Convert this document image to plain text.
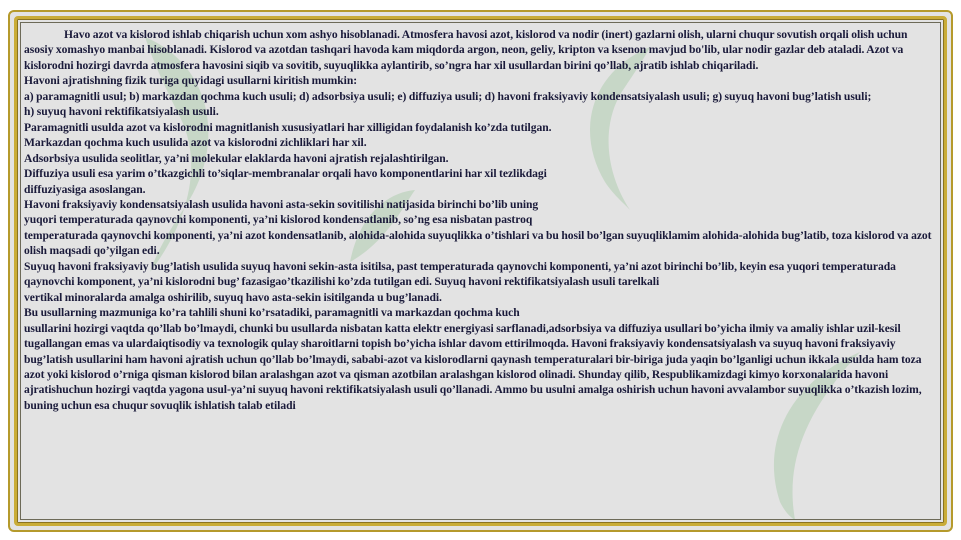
Havo azot va kislorod ishlab chiqarish uchun xom ashyo hisoblanadi. Atmosfera havosi azot, kislorod va nodir (inert) gazlarni olish, ularni chuqur sovutish orqali olish uchun asosiy xomashyo manbai hisoblanadi. Kislorod va azotdan tashqari havoda kam miqdorda argon, neon, geliy, kripton va ksenon mavjud bo'lib, ular nodir gazlar deb ataladi. Azot va kislorodni hozirgi davrda atmosfera havosini siqib va sovitib, suyuqlikka aylantirib, so’ngra har xil usullardan birini qo’llab, ajratib ishlab chiqariladi.

Havoni ajratishning fizik turiga quyidagi usullarni kiritish mumkin:

a) paramagnitli usul; b) markazdan qochma kuch usuli; d) adsorbsiya usuli; e) diffuziya usuli; d) havoni fraksiyaviy kondensatsiyalash usuli; g) suyuq havoni bug’latish usuli;

h) suyuq havoni rektifikatsiyalash usuli.

Paramagnitli usulda azot va kislorodni magnitlanish xususiyatlari har xilligidan foydalanish ko’zda tutilgan.

Markazdan qochma kuch usulida azot va kislorodni zichliklari har xil.

Adsorbsiya usulida seolitlar, ya’ni molekular elaklarda havoni ajratish rejalashtirilgan.

Diffuziya usuli esa yarim o’tkazgichli to’siqlar-membranalar orqali havo komponentlarini har xil tezlikdagi

diffuziyasiga asoslangan.

Havoni fraksiyaviy kondensatsiyalash usulida havoni asta-sekin sovitilishi natijasida birinchi bo’lib uning

yuqori temperaturada qaynovchi komponenti, ya’ni kislorod kondensatlanib, so’ng esa nisbatan pastroq

temperaturada qaynovchi komponenti, ya’ni azot kondensatlanib, alohida-alohida suyuqlikka o’tishlari va bu hosil bo’lgan suyuqliklamim alohida-alohida bug’latib, toza kislorod va azot olish maqsadi qo’yilgan edi.

Suyuq havoni fraksiyaviy bug’latish usulida suyuq havoni sekin-asta isitilsa, past temperaturada qaynovchi komponenti, ya’ni azot birinchi bo’lib, keyin esa yuqori temperaturada qaynovchi komponent, ya’ni kislorodni bug’ fazasigao’tkazilishi ko’zda tutilgan edi. Suyuq havoni rektifikatsiyalash usuli tarelkali

vertikal minoralarda amalga oshirilib, suyuq havo asta-sekin isitilganda u bug’lanadi.

Bu usullarning mazmuniga ko’ra tahlili shuni ko’rsatadiki, paramagnitli va markazdan qochma kuch

usullarini hozirgi vaqtda qo’llab bo’lmaydi, chunki bu usullarda nisbatan katta elektr energiyasi sarflanadi,adsorbsiya va diffuziya usullari bo’yicha ilmiy va amaliy ishlar uzil-kesil tugallangan emas va ulardaiqtisodiy va texnologik qulay sharoitlarni topish bo’yicha ishlar davom ettirilmoqda. Havoni fraksiyaviy kondensatsiyalash va suyuq havoni fraksiyaviy bug’latish usullarini ham havoni ajratish uchun qo’llab bo’lmaydi, sababi-azot va kislorodlarni qaynash temperaturalari bir-biriga juda yaqin bo’lganligi uchun ikkala usulda ham toza azot yoki kislorod o’rniga qisman kislorod bilan aralashgan azot va qisman azotbilan aralashgan kislorod olinadi. Shunday qilib, Respublikamizdagi kimyo korxonalarida havoni ajratishuchun hozirgi vaqtda yagona usul-ya’ni suyuq havoni rektifikatsiyalash usuli qo’llanadi. Ammo bu usulni amalga oshirish uchun havoni avvalambor suyuqlikka o’tkazish lozim, buning uchun esa chuqur sovuqlik ishlatish talab etiladi
